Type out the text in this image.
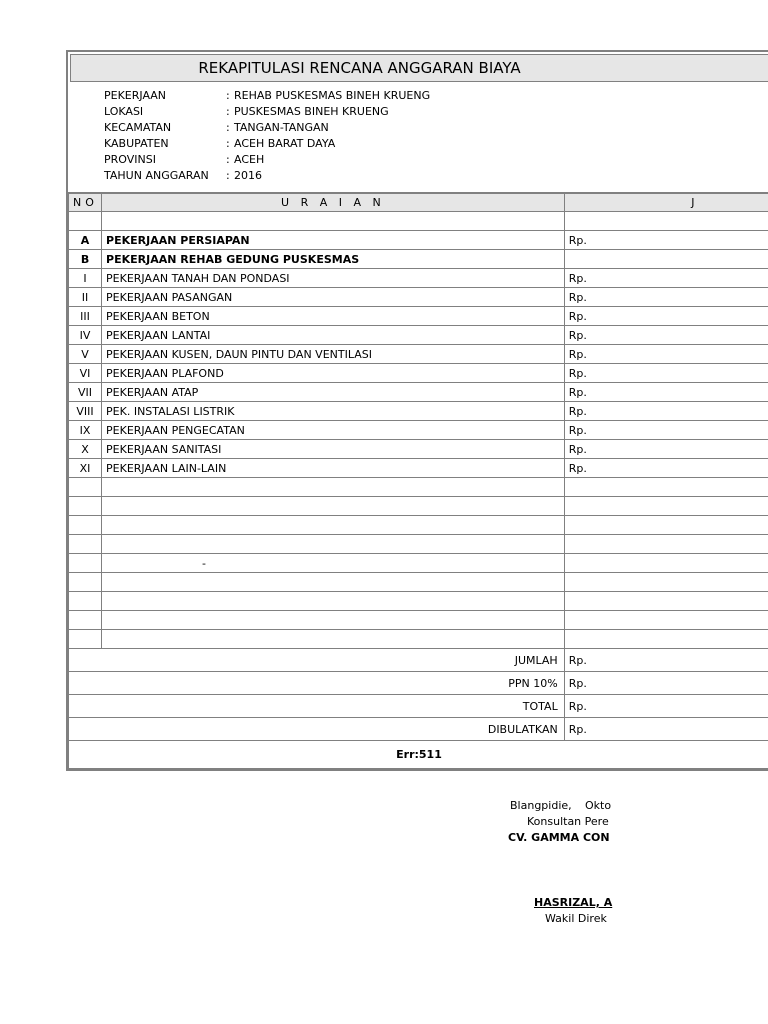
REKAPITULASI RENCANA ANGGARAN BIAYA
PEKERJAAN	: REHAB PUSKESMAS BINEH KRUENG
LOKASI	: PUSKESMAS BINEH KRUENG
KECAMATAN	: TANGAN-TANGAN
KABUPATEN	: ACEH BARAT DAYA
PROVINSI	: ACEH
TAHUN ANGGARAN	: 2016
NO	U R A I A N	J

A	PEKERJAAN PERSIAPAN	Rp.
B	PEKERJAAN REHAB GEDUNG PUSKESMAS	
I	PEKERJAAN TANAH DAN PONDASI	Rp.
II	PEKERJAAN PASANGAN	Rp.
III	PEKERJAAN BETON	Rp.
IV	PEKERJAAN LANTAI	Rp.
V	PEKERJAAN KUSEN, DAUN PINTU DAN VENTILASI	Rp.
VI	PEKERJAAN PLAFOND	Rp.
VII	PEKERJAAN ATAP	Rp.
VIII	PEK. INSTALASI LISTRIK	Rp.
IX	PEKERJAAN PENGECATAN	Rp.
X	PEKERJAAN SANITASI	Rp.
XI	PEKERJAAN LAIN-LAIN	Rp.

	-	

JUMLAH		Rp.
PPN 10%		Rp.
TOTAL		Rp.
DIBULATKAN		Rp.
Err:511		
Blangpidie, Okto
Konsultan Pere
CV. GAMMA CON
HASRIZAL, A
Wakil Direk
